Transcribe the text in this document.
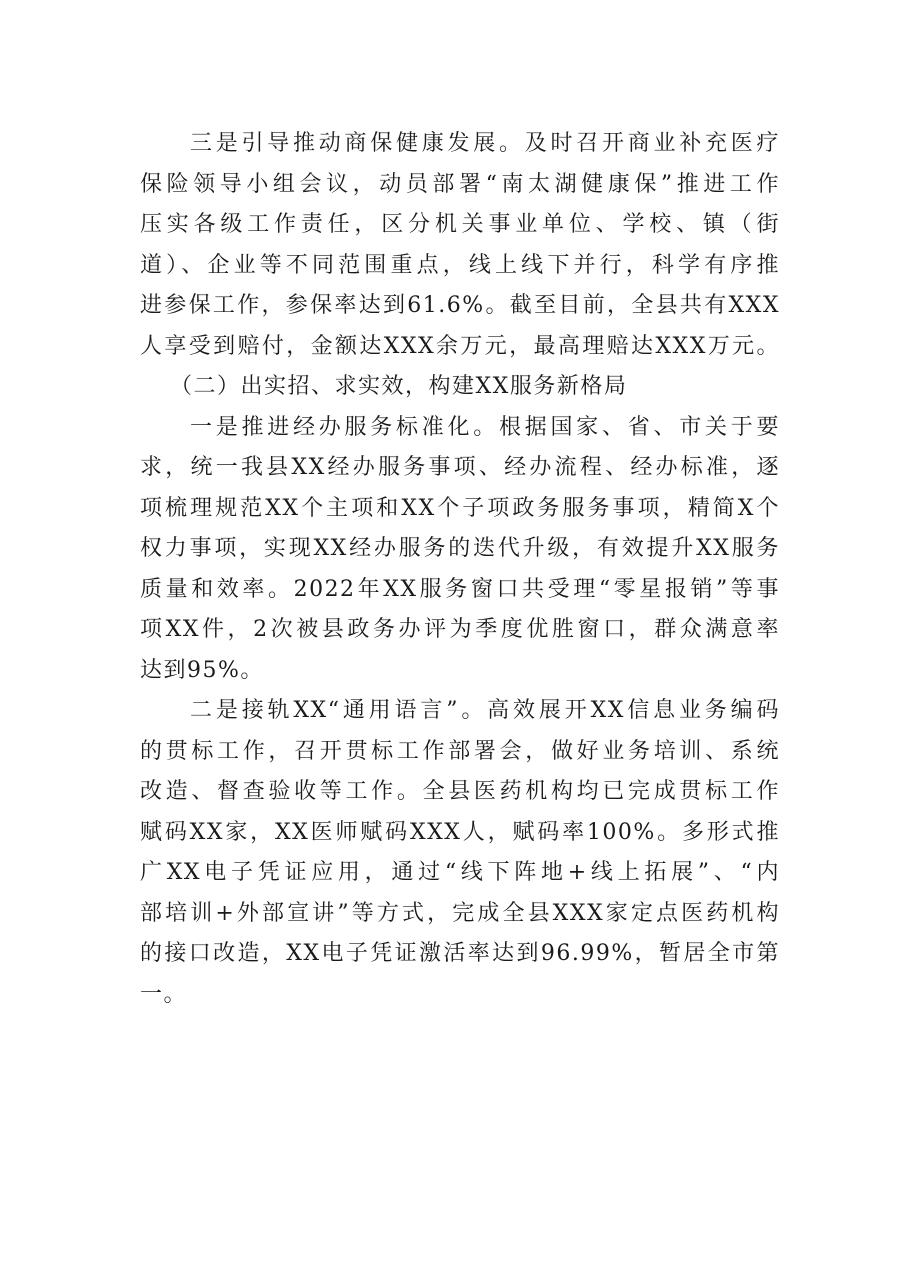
三是引导推动商保健康发展。及时召开商业补充医疗
保险领导小组会议，动员部署“南太湖健康保”推进工作
压实各级工作责任，区分机关事业单位、学校、镇（街
道）、企业等不同范围重点，线上线下并行，科学有序推
进参保工作，参保率达到61.6%。截至目前，全县共有XXX
人享受到赔付，金额达XXX余万元，最高理赔达XXX万元。
（二）出实招、求实效，构建XX服务新格局
一是推进经办服务标准化。根据国家、省、市关于要
求，统一我县XX经办服务事项、经办流程、经办标准，逐
项梳理规范XX个主项和XX个子项政务服务事项，精简X个
权力事项，实现XX经办服务的迭代升级，有效提升XX服务
质量和效率。2022年XX服务窗口共受理“零星报销”等事
项XX件，2次被县政务办评为季度优胜窗口，群众满意率
达到95%。
二是接轨XX“通用语言”。高效展开XX信息业务编码
的贯标工作，召开贯标工作部署会，做好业务培训、系统
改造、督查验收等工作。全县医药机构均已完成贯标工作
赋码XX家，XX医师赋码XXX人，赋码率100%。多形式推
广XX电子凭证应用，通过“线下阵地+线上拓展”、“内
部培训+外部宣讲”等方式，完成全县XXX家定点医药机构
的接口改造，XX电子凭证激活率达到96.99%，暂居全市第
一。
